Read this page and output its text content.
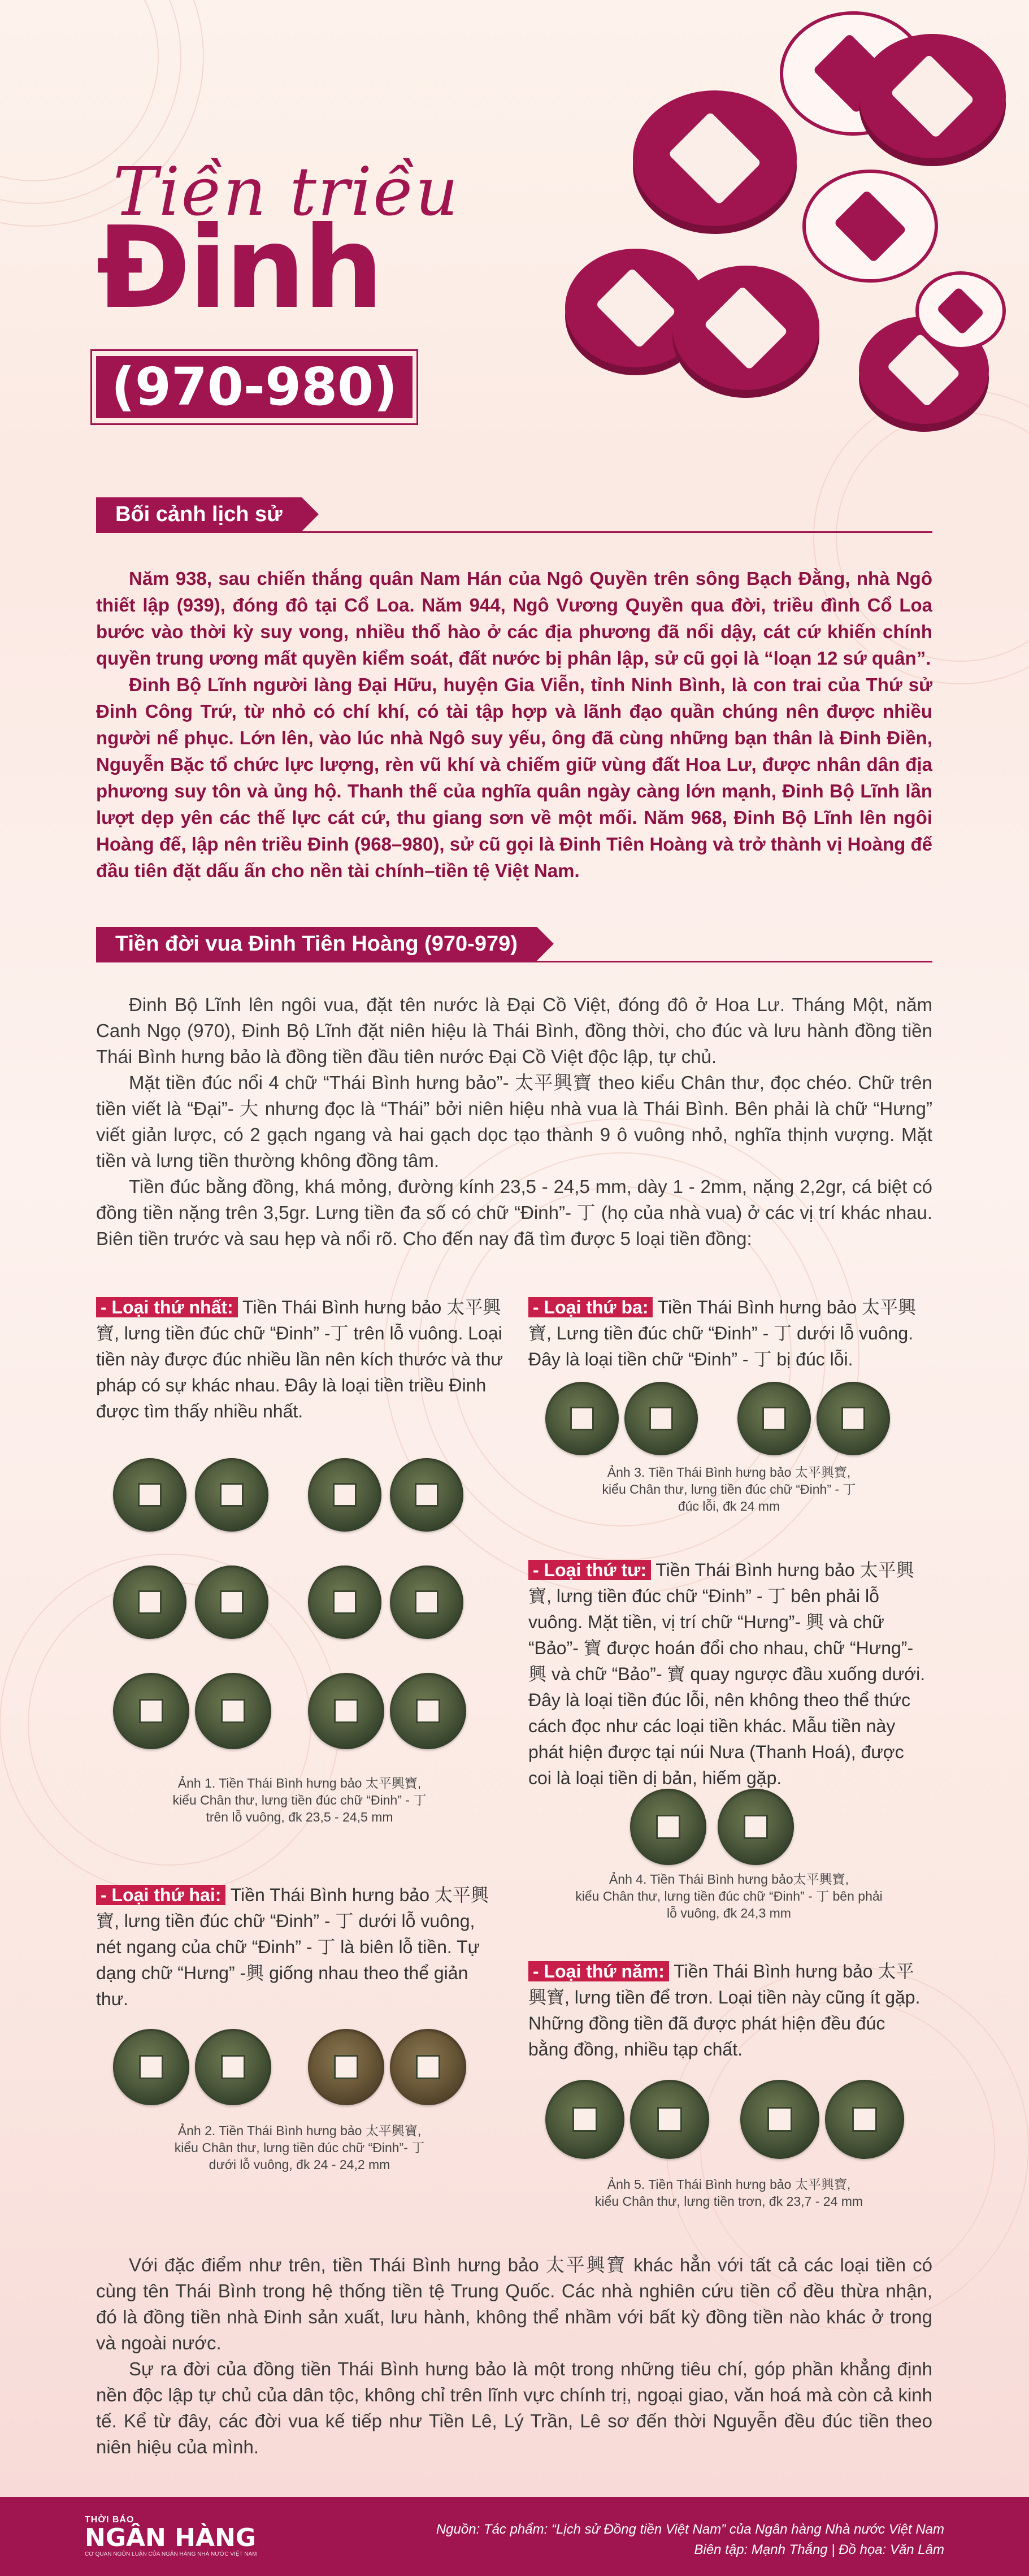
Tiền triều
Đinh
(970-980)
Bối cảnh lịch sử

Năm 938, sau chiến thắng quân Nam Hán của Ngô Quyền trên sông Bạch Đằng, nhà Ngô thiết lập (939), đóng đô tại Cổ Loa. Năm 944, Ngô Vương Quyền qua đời, triều đình Cổ Loa bước vào thời kỳ suy vong, nhiều thổ hào ở các địa phương đã nổi dậy, cát cứ khiến chính quyền trung ương mất quyền kiểm soát, đất nước bị phân lập, sử cũ gọi là “loạn 12 sứ quân”.

Đinh Bộ Lĩnh người làng Đại Hữu, huyện Gia Viễn, tỉnh Ninh Bình, là con trai của Thứ sử Đinh Công Trứ, từ nhỏ có chí khí, có tài tập hợp và lãnh đạo quần chúng nên được nhiều người nể phục. Lớn lên, vào lúc nhà Ngô suy yếu, ông đã cùng những bạn thân là Đinh Điền, Nguyễn Bặc tổ chức lực lượng, rèn vũ khí và chiếm giữ vùng đất Hoa Lư, được nhân dân địa phương suy tôn và ủng hộ. Thanh thế của nghĩa quân ngày càng lớn mạnh, Đinh Bộ Lĩnh lần lượt dẹp yên các thế lực cát cứ, thu giang sơn về một mối. Năm 968, Đinh Bộ Lĩnh lên ngôi Hoàng đế, lập nên triều Đinh (968–980), sử cũ gọi là Đinh Tiên Hoàng và trở thành vị Hoàng đế đầu tiên đặt dấu ấn cho nền tài chính–tiền tệ Việt Nam.

Tiền đời vua Đinh Tiên Hoàng (970-979)

Đinh Bộ Lĩnh lên ngôi vua, đặt tên nước là Đại Cồ Việt, đóng đô ở Hoa Lư. Tháng Một, năm Canh Ngọ (970), Đinh Bộ Lĩnh đặt niên hiệu là Thái Bình, đồng thời, cho đúc và lưu hành đồng tiền Thái Bình hưng bảo là đồng tiền đầu tiên nước Đại Cồ Việt độc lập, tự chủ.

Mặt tiền đúc nổi 4 chữ “Thái Bình hưng bảo”- 太平興寶 theo kiểu Chân thư, đọc chéo. Chữ trên tiền viết là “Đại”- 大 nhưng đọc là “Thái” bởi niên hiệu nhà vua là Thái Bình. Bên phải là chữ “Hưng” viết giản lược, có 2 gạch ngang và hai gạch dọc tạo thành 9 ô vuông nhỏ, nghĩa thịnh vượng. Mặt tiền và lưng tiền thường không đồng tâm.

Tiền đúc bằng đồng, khá mỏng, đường kính 23,5 - 24,5 mm, dày 1 - 2mm, nặng 2,2gr, cá biệt có đồng tiền nặng trên 3,5gr. Lưng tiền đa số có chữ “Đinh”- 丁 (họ của nhà vua) ở các vị trí khác nhau. Biên tiền trước và sau hẹp và nổi rõ. Cho đến nay đã tìm được 5 loại tiền đồng:

- Loại thứ nhất: Tiền Thái Bình hưng bảo 太平興寶, lưng tiền đúc chữ “Đinh” -丁 trên lỗ vuông. Loại tiền này được đúc nhiều lần nên kích thước và thư pháp có sự khác nhau. Đây là loại tiền triều Đinh được tìm thấy nhiều nhất.
Ảnh 1. Tiền Thái Bình hưng bảo 太平興寶,
kiểu Chân thư, lưng tiền đúc chữ “Đinh” - 丁
trên lỗ vuông, đk 23,5 - 24,5 mm
- Loại thứ hai: Tiền Thái Bình hưng bảo 太平興寶, lưng tiền đúc chữ “Đinh” - 丁 dưới lỗ vuông, nét ngang của chữ “Đinh” - 丁 là biên lỗ tiền. Tự dạng chữ “Hưng” -興 giống nhau theo thể giản thư.
Ảnh 2. Tiền Thái Bình hưng bảo 太平興寶,
kiểu Chân thư, lưng tiền đúc chữ “Đinh”- 丁
dưới lỗ vuông, đk 24 - 24,2 mm
- Loại thứ ba: Tiền Thái Bình hưng bảo 太平興寶, Lưng tiền đúc chữ “Đinh” - 丁 dưới lỗ vuông. Đây là loại tiền chữ “Đinh” - 丁 bị đúc lỗi.
Ảnh 3. Tiền Thái Bình hưng bảo 太平興寶,
kiểu Chân thư, lưng tiền đúc chữ “Đinh” - 丁
đúc lỗi, đk 24 mm
- Loại thứ tư: Tiền Thái Bình hưng bảo 太平興寶, lưng tiền đúc chữ “Đinh” - 丁 bên phải lỗ vuông. Mặt tiền, vị trí chữ “Hưng”- 興 và chữ “Bảo”- 寶 được hoán đổi cho nhau, chữ “Hưng”- 興 và chữ “Bảo”- 寶 quay ngược đầu xuống dưới. Đây là loại tiền đúc lỗi, nên không theo thể thức cách đọc như các loại tiền khác. Mẫu tiền này phát hiện được tại núi Nưa (Thanh Hoá), được coi là loại tiền dị bản, hiếm gặp.
Ảnh 4. Tiền Thái Bình hưng bảo太平興寶,
kiểu Chân thư, lưng tiền đúc chữ “Đinh” - 丁 bên phải
lỗ vuông, đk 24,3 mm
- Loại thứ năm: Tiền Thái Bình hưng bảo 太平興寶, lưng tiền để trơn. Loại tiền này cũng ít gặp. Những đồng tiền đã được phát hiện đều đúc bằng đồng, nhiều tạp chất.
Ảnh 5. Tiền Thái Bình hưng bảo 太平興寶,
kiểu Chân thư, lưng tiền trơn, đk 23,7 - 24 mm

Với đặc điểm như trên, tiền Thái Bình hưng bảo 太平興寶 khác hẳn với tất cả các loại tiền có cùng tên Thái Bình trong hệ thống tiền tệ Trung Quốc. Các nhà nghiên cứu tiền cổ đều thừa nhận, đó là đồng tiền nhà Đinh sản xuất, lưu hành, không thể nhầm với bất kỳ đồng tiền nào khác ở trong và ngoài nước.

Sự ra đời của đồng tiền Thái Bình hưng bảo là một trong những tiêu chí, góp phần khẳng định nền độc lập tự chủ của dân tộc, không chỉ trên lĩnh vực chính trị, ngoại giao, văn hoá mà còn cả kinh tế. Kể từ đây, các đời vua kế tiếp như Tiền Lê, Lý Trần, Lê sơ đến thời Nguyễn đều đúc tiền theo niên hiệu của mình.

THỜI BÁO
NGÂN HÀNG
CƠ QUAN NGÔN LUẬN CỦA NGÂN HÀNG NHÀ NƯỚC VIỆT NAM
Nguồn: Tác phẩm: “Lịch sử Đồng tiền Việt Nam” của Ngân hàng Nhà nước Việt Nam
Biên tập: Mạnh Thắng | Đồ họa: Văn Lâm
